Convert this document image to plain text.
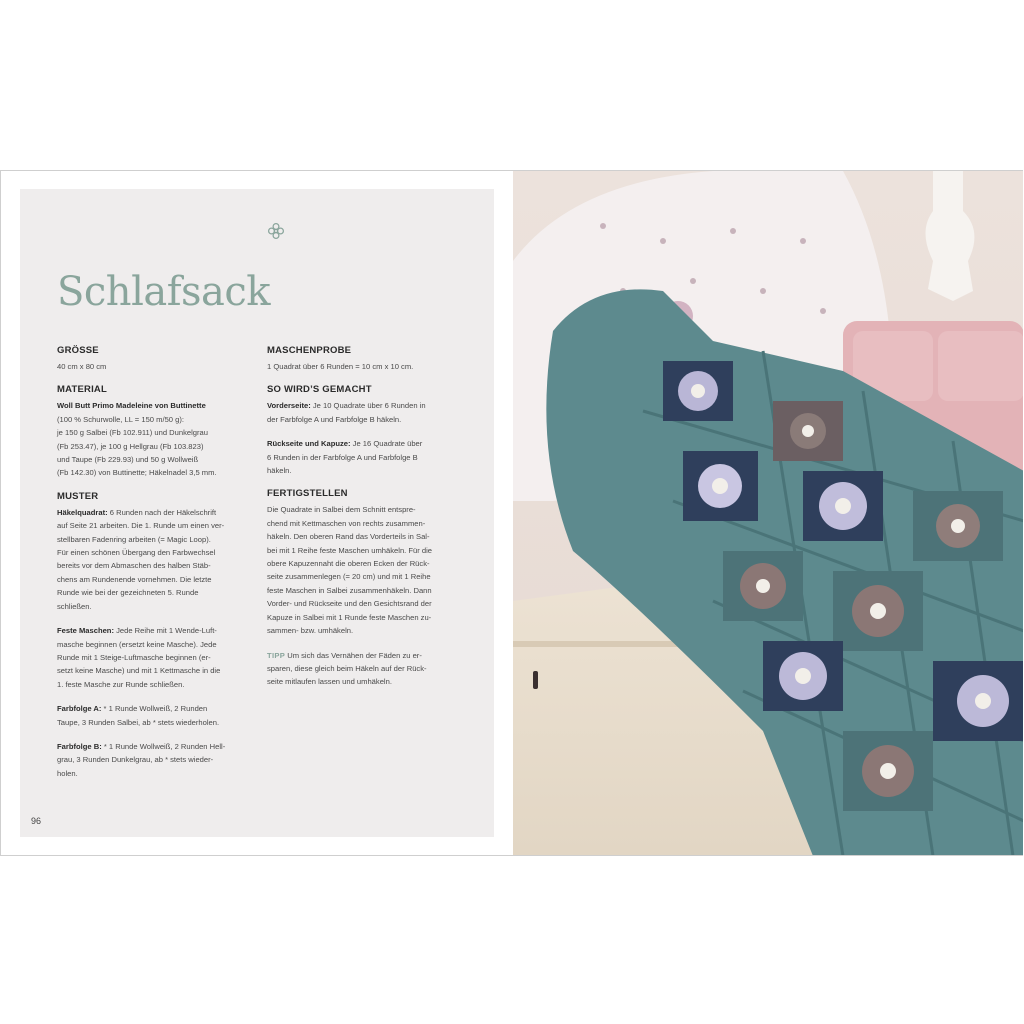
Schlafsack

GRÖSSE

40 cm x 80 cm

MATERIAL

Woll Butt Primo Madeleine von Buttinette
(100 % Schurwolle, LL = 150 m/50 g):
je 150 g Salbei (Fb 102.911) und Dunkelgrau
(Fb 253.47), je 100 g Hellgrau (Fb 103.823)
und Taupe (Fb 229.93) und 50 g Wollweiß
(Fb 142.30) von Buttinette; Häkelnadel 3,5 mm.

MUSTER

Häkelquadrat: 6 Runden nach der Häkelschrift
auf Seite 21 arbeiten. Die 1. Runde um einen ver-
stellbaren Fadenring arbeiten (= Magic Loop).
Für einen schönen Übergang den Farbwechsel
bereits vor dem Abmaschen des halben Stäb-
chens am Rundenende vornehmen. Die letzte
Runde wie bei der gezeichneten 5. Runde
schließen.

Feste Maschen: Jede Reihe mit 1 Wende-Luft-
masche beginnen (ersetzt keine Masche). Jede
Runde mit 1 Steige-Luftmasche beginnen (er-
setzt keine Masche) und mit 1 Kettmasche in die
1. feste Masche zur Runde schließen.

Farbfolge A: * 1 Runde Wollweiß, 2 Runden
Taupe, 3 Runden Salbei, ab * stets wiederholen.

Farbfolge B: * 1 Runde Wollweiß, 2 Runden Hell-
grau, 3 Runden Dunkelgrau, ab * stets wieder-
holen.

MASCHENPROBE

1 Quadrat über 6 Runden = 10 cm x 10 cm.

SO WIRD’S GEMACHT

Vorderseite: Je 10 Quadrate über 6 Runden in
der Farbfolge A und Farbfolge B häkeln.

Rückseite und Kapuze: Je 16 Quadrate über
6 Runden in der Farbfolge A und Farbfolge B
häkeln.

FERTIGSTELLEN

Die Quadrate in Salbei dem Schnitt entspre-
chend mit Kettmaschen von rechts zusammen-
häkeln. Den oberen Rand das Vorderteils in Sal-
bei mit 1 Reihe feste Maschen umhäkeln. Für die
obere Kapuzennaht die oberen Ecken der Rück-
seite zusammenlegen (= 20 cm) und mit 1 Reihe
feste Maschen in Salbei zusammenhäkeln. Dann
Vorder- und Rückseite und den Gesichtsrand der
Kapuze in Salbei mit 1 Runde feste Maschen zu-
sammen- bzw. umhäkeln.

TIPP Um sich das Vernähen der Fäden zu er-
sparen, diese gleich beim Häkeln auf der Rück-
seite mitlaufen lassen und umhäkeln.

96
